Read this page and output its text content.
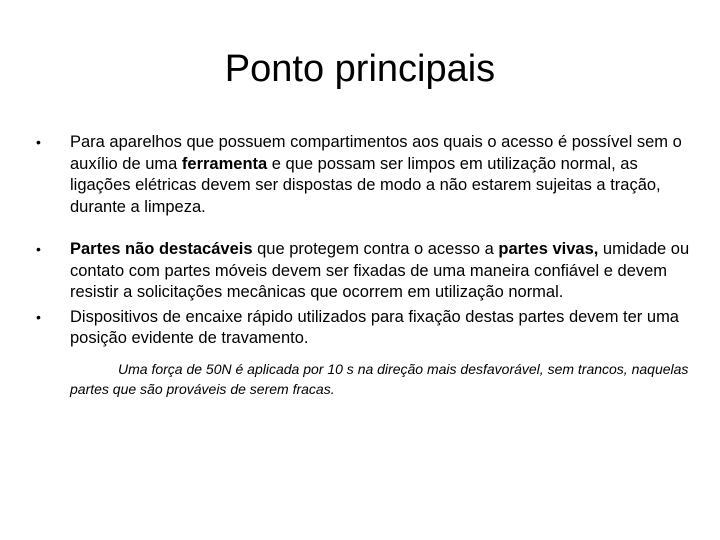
Ponto principais
•	Para aparelhos que possuem compartimentos aos quais o acesso é possível sem o auxílio de uma ferramenta e que possam ser limpos em utilização normal, as ligações elétricas devem ser dispostas de modo a não estarem sujeitas a tração, durante a limpeza.
•	Partes não destacáveis que protegem contra o acesso a partes vivas, umidade ou contato com partes móveis devem ser fixadas de uma maneira confiável e devem resistir a solicitações mecânicas que ocorrem em utilização normal.
•	Dispositivos de encaixe rápido utilizados para fixação destas partes devem ter uma posição evidente de travamento.
Uma força de 50N é aplicada por 10 s na direção mais desfavorável, sem trancos, naquelas partes que são prováveis de serem fracas.
